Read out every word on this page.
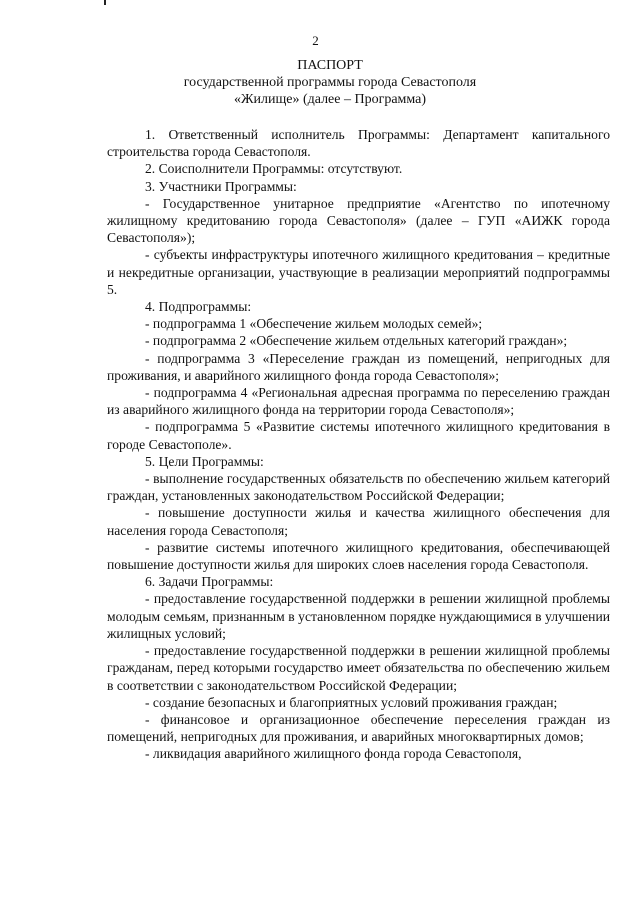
2
ПАСПОРТ
государственной программы города Севастополя
«Жилище» (далее – Программа)

1. Ответственный исполнитель Программы: Департамент капитального строительства города Севастополя.

2. Соисполнители Программы: отсутствуют.

3. Участники Программы:

- Государственное унитарное предприятие «Агентство по ипотечному жилищному кредитованию города Севастополя» (далее – ГУП «АИЖК города Севастополя»);

- субъекты инфраструктуры ипотечного жилищного кредитования – кредитные и некредитные организации, участвующие в реализации мероприятий подпрограммы 5.

4. Подпрограммы:

- подпрограмма 1 «Обеспечение жильем молодых семей»;

- подпрограмма 2 «Обеспечение жильем отдельных категорий граждан»;

- подпрограмма 3 «Переселение граждан из помещений, непригодных для проживания, и аварийного жилищного фонда города Севастополя»;

- подпрограмма 4 «Региональная адресная программа по переселению граждан из аварийного жилищного фонда на территории города Севастополя»;

- подпрограмма 5 «Развитие системы ипотечного жилищного кредитования в городе Севастополе».

5. Цели Программы:

- выполнение государственных обязательств по обеспечению жильем категорий граждан, установленных законодательством Российской Федерации;

- повышение доступности жилья и качества жилищного обеспечения для населения города Севастополя;

- развитие системы ипотечного жилищного кредитования, обеспечивающей повышение доступности жилья для широких слоев населения города Севастополя.

6. Задачи Программы:

- предоставление государственной поддержки в решении жилищной проблемы молодым семьям, признанным в установленном порядке нуждающимися в улучшении жилищных условий;

- предоставление государственной поддержки в решении жилищной проблемы гражданам, перед которыми государство имеет обязательства по обеспечению жильем в соответствии с законодательством Российской Федерации;

- создание безопасных и благоприятных условий проживания граждан;

- финансовое и организационное обеспечение переселения граждан из помещений, непригодных для проживания, и аварийных многоквартирных домов;

- ликвидация аварийного жилищного фонда города Севастополя,
